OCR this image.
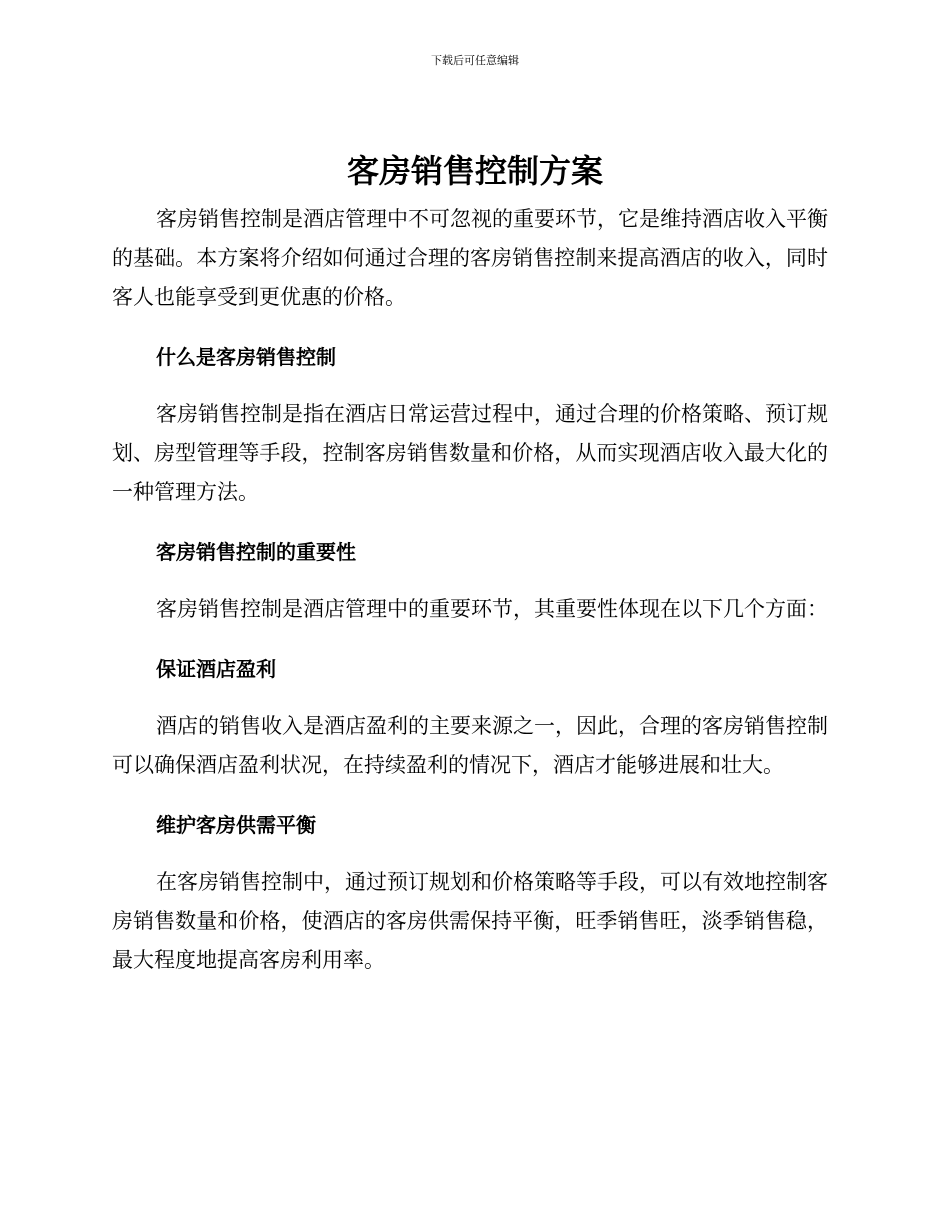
下载后可任意编辑
客房销售控制方案

客房销售控制是酒店管理中不可忽视的重要环节，它是维持酒店收入平衡的基础。本方案将介绍如何通过合理的客房销售控制来提高酒店的收入，同时客人也能享受到更优惠的价格。

什么是客房销售控制

客房销售控制是指在酒店日常运营过程中，通过合理的价格策略、预订规划、房型管理等手段，控制客房销售数量和价格，从而实现酒店收入最大化的一种管理方法。

客房销售控制的重要性

客房销售控制是酒店管理中的重要环节，其重要性体现在以下几个方面：

保证酒店盈利

酒店的销售收入是酒店盈利的主要来源之一，因此，合理的客房销售控制可以确保酒店盈利状况，在持续盈利的情况下，酒店才能够进展和壮大。

维护客房供需平衡

在客房销售控制中，通过预订规划和价格策略等手段，可以有效地控制客房销售数量和价格，使酒店的客房供需保持平衡，旺季销售旺，淡季销售稳，最大程度地提高客房利用率。
